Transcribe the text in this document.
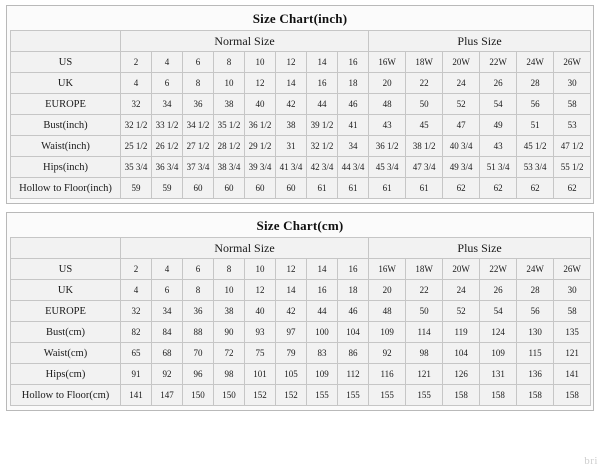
Size Chart(inch)
	Normal Size								Plus Size					
US	2	4	6	8	10	12	14	16	16W	18W	20W	22W	24W	26W
UK	4	6	8	10	12	14	16	18	20	22	24	26	28	30
EUROPE	32	34	36	38	40	42	44	46	48	50	52	54	56	58
Bust(inch)	32 1/2	33 1/2	34 1/2	35 1/2	36 1/2	38	39 1/2	41	43	45	47	49	51	53
Waist(inch)	25 1/2	26 1/2	27 1/2	28 1/2	29 1/2	31	32 1/2	34	36 1/2	38 1/2	40 3/4	43	45 1/2	47 1/2
Hips(inch)	35 3/4	36 3/4	37 3/4	38 3/4	39 3/4	41 3/4	42 3/4	44 3/4	45 3/4	47 3/4	49 3/4	51 3/4	53 3/4	55 1/2
Hollow to Floor(inch)	59	59	60	60	60	60	61	61	61	61	62	62	62	62
Size Chart(cm)
	Normal Size								Plus Size					
US	2	4	6	8	10	12	14	16	16W	18W	20W	22W	24W	26W
UK	4	6	8	10	12	14	16	18	20	22	24	26	28	30
EUROPE	32	34	36	38	40	42	44	46	48	50	52	54	56	58
Bust(cm)	82	84	88	90	93	97	100	104	109	114	119	124	130	135
Waist(cm)	65	68	70	72	75	79	83	86	92	98	104	109	115	121
Hips(cm)	91	92	96	98	101	105	109	112	116	121	126	131	136	141
Hollow to Floor(cm)	141	147	150	150	152	152	155	155	155	155	158	158	158	158
bri
